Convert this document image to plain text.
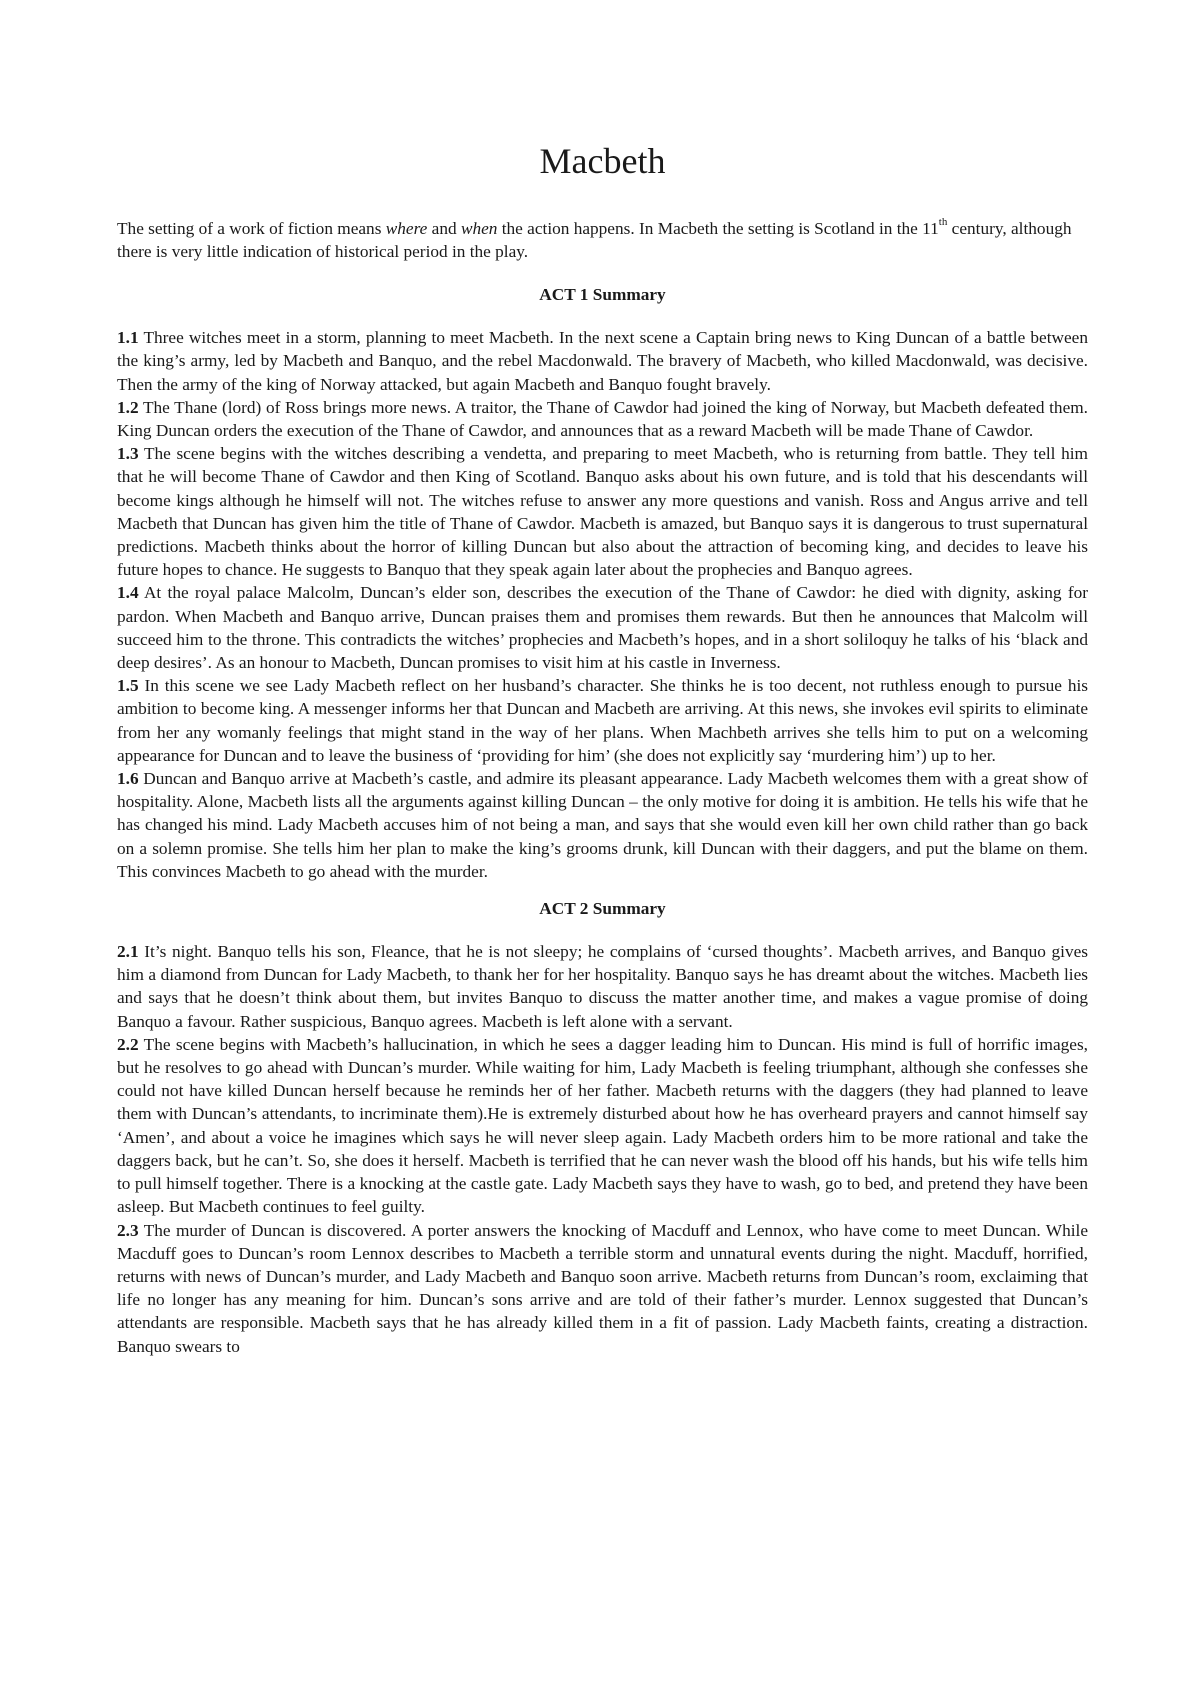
Macbeth

The setting of a work of fiction means where and when the action happens. In Macbeth the setting is Scotland in the 11th century, although there is very little indication of historical period in the play.

ACT 1 Summary

1.1 Three witches meet in a storm, planning to meet Macbeth. In the next scene a Captain bring news to King Duncan of a battle between the king’s army, led by Macbeth and Banquo, and the rebel Macdonwald. The bravery of Macbeth, who killed Macdonwald, was decisive. Then the army of the king of Norway attacked, but again Macbeth and Banquo fought bravely.

1.2 The Thane (lord) of Ross brings more news. A traitor, the Thane of Cawdor had joined the king of Norway, but Macbeth defeated them. King Duncan orders the execution of the Thane of Cawdor, and announces that as a reward Macbeth will be made Thane of Cawdor.

1.3 The scene begins with the witches describing a vendetta, and preparing to meet Macbeth, who is returning from battle. They tell him that he will become Thane of Cawdor and then King of Scotland. Banquo asks about his own future, and is told that his descendants will become kings although he himself will not. The witches refuse to answer any more questions and vanish. Ross and Angus arrive and tell Macbeth that Duncan has given him the title of Thane of Cawdor. Macbeth is amazed, but Banquo says it is dangerous to trust supernatural predictions. Macbeth thinks about the horror of killing Duncan but also about the attraction of becoming king, and decides to leave his future hopes to chance. He suggests to Banquo that they speak again later about the prophecies and Banquo agrees.

1.4 At the royal palace Malcolm, Duncan’s elder son, describes the execution of the Thane of Cawdor: he died with dignity, asking for pardon. When Macbeth and Banquo arrive, Duncan praises them and promises them rewards. But then he announces that Malcolm will succeed him to the throne. This contradicts the witches’ prophecies and Macbeth’s hopes, and in a short soliloquy he talks of his ‘black and deep desires’. As an honour to Macbeth, Duncan promises to visit him at his castle in Inverness.

1.5 In this scene we see Lady Macbeth reflect on her husband’s character. She thinks he is too decent, not ruthless enough to pursue his ambition to become king. A messenger informs her that Duncan and Macbeth are arriving. At this news, she invokes evil spirits to eliminate from her any womanly feelings that might stand in the way of her plans. When Machbeth arrives she tells him to put on a welcoming appearance for Duncan and to leave the business of ‘providing for him’ (she does not explicitly say ‘murdering him’) up to her.

1.6 Duncan and Banquo arrive at Macbeth’s castle, and admire its pleasant appearance. Lady Macbeth welcomes them with a great show of hospitality. Alone, Macbeth lists all the arguments against killing Duncan – the only motive for doing it is ambition. He tells his wife that he has changed his mind. Lady Macbeth accuses him of not being a man, and says that she would even kill her own child rather than go back on a solemn promise. She tells him her plan to make the king’s grooms drunk, kill Duncan with their daggers, and put the blame on them. This convinces Macbeth to go ahead with the murder.

ACT 2 Summary

2.1 It’s night. Banquo tells his son, Fleance, that he is not sleepy; he complains of ‘cursed thoughts’. Macbeth arrives, and Banquo gives him a diamond from Duncan for Lady Macbeth, to thank her for her hospitality. Banquo says he has dreamt about the witches. Macbeth lies and says that he doesn’t think about them, but invites Banquo to discuss the matter another time, and makes a vague promise of doing Banquo a favour. Rather suspicious, Banquo agrees. Macbeth is left alone with a servant.

2.2 The scene begins with Macbeth’s hallucination, in which he sees a dagger leading him to Duncan. His mind is full of horrific images, but he resolves to go ahead with Duncan’s murder. While waiting for him, Lady Macbeth is feeling triumphant, although she confesses she could not have killed Duncan herself because he reminds her of her father. Macbeth returns with the daggers (they had planned to leave them with Duncan’s attendants, to incriminate them).He is extremely disturbed about how he has overheard prayers and cannot himself say ‘Amen’, and about a voice he imagines which says he will never sleep again. Lady Macbeth orders him to be more rational and take the daggers back, but he can’t. So, she does it herself. Macbeth is terrified that he can never wash the blood off his hands, but his wife tells him to pull himself together. There is a knocking at the castle gate. Lady Macbeth says they have to wash, go to bed, and pretend they have been asleep. But Macbeth continues to feel guilty.

2.3 The murder of Duncan is discovered. A porter answers the knocking of Macduff and Lennox, who have come to meet Duncan. While Macduff goes to Duncan’s room Lennox describes to Macbeth a terrible storm and unnatural events during the night. Macduff, horrified, returns with news of Duncan’s murder, and Lady Macbeth and Banquo soon arrive. Macbeth returns from Duncan’s room, exclaiming that life no longer has any meaning for him. Duncan’s sons arrive and are told of their father’s murder. Lennox suggested that Duncan’s attendants are responsible. Macbeth says that he has already killed them in a fit of passion. Lady Macbeth faints, creating a distraction. Banquo swears to
